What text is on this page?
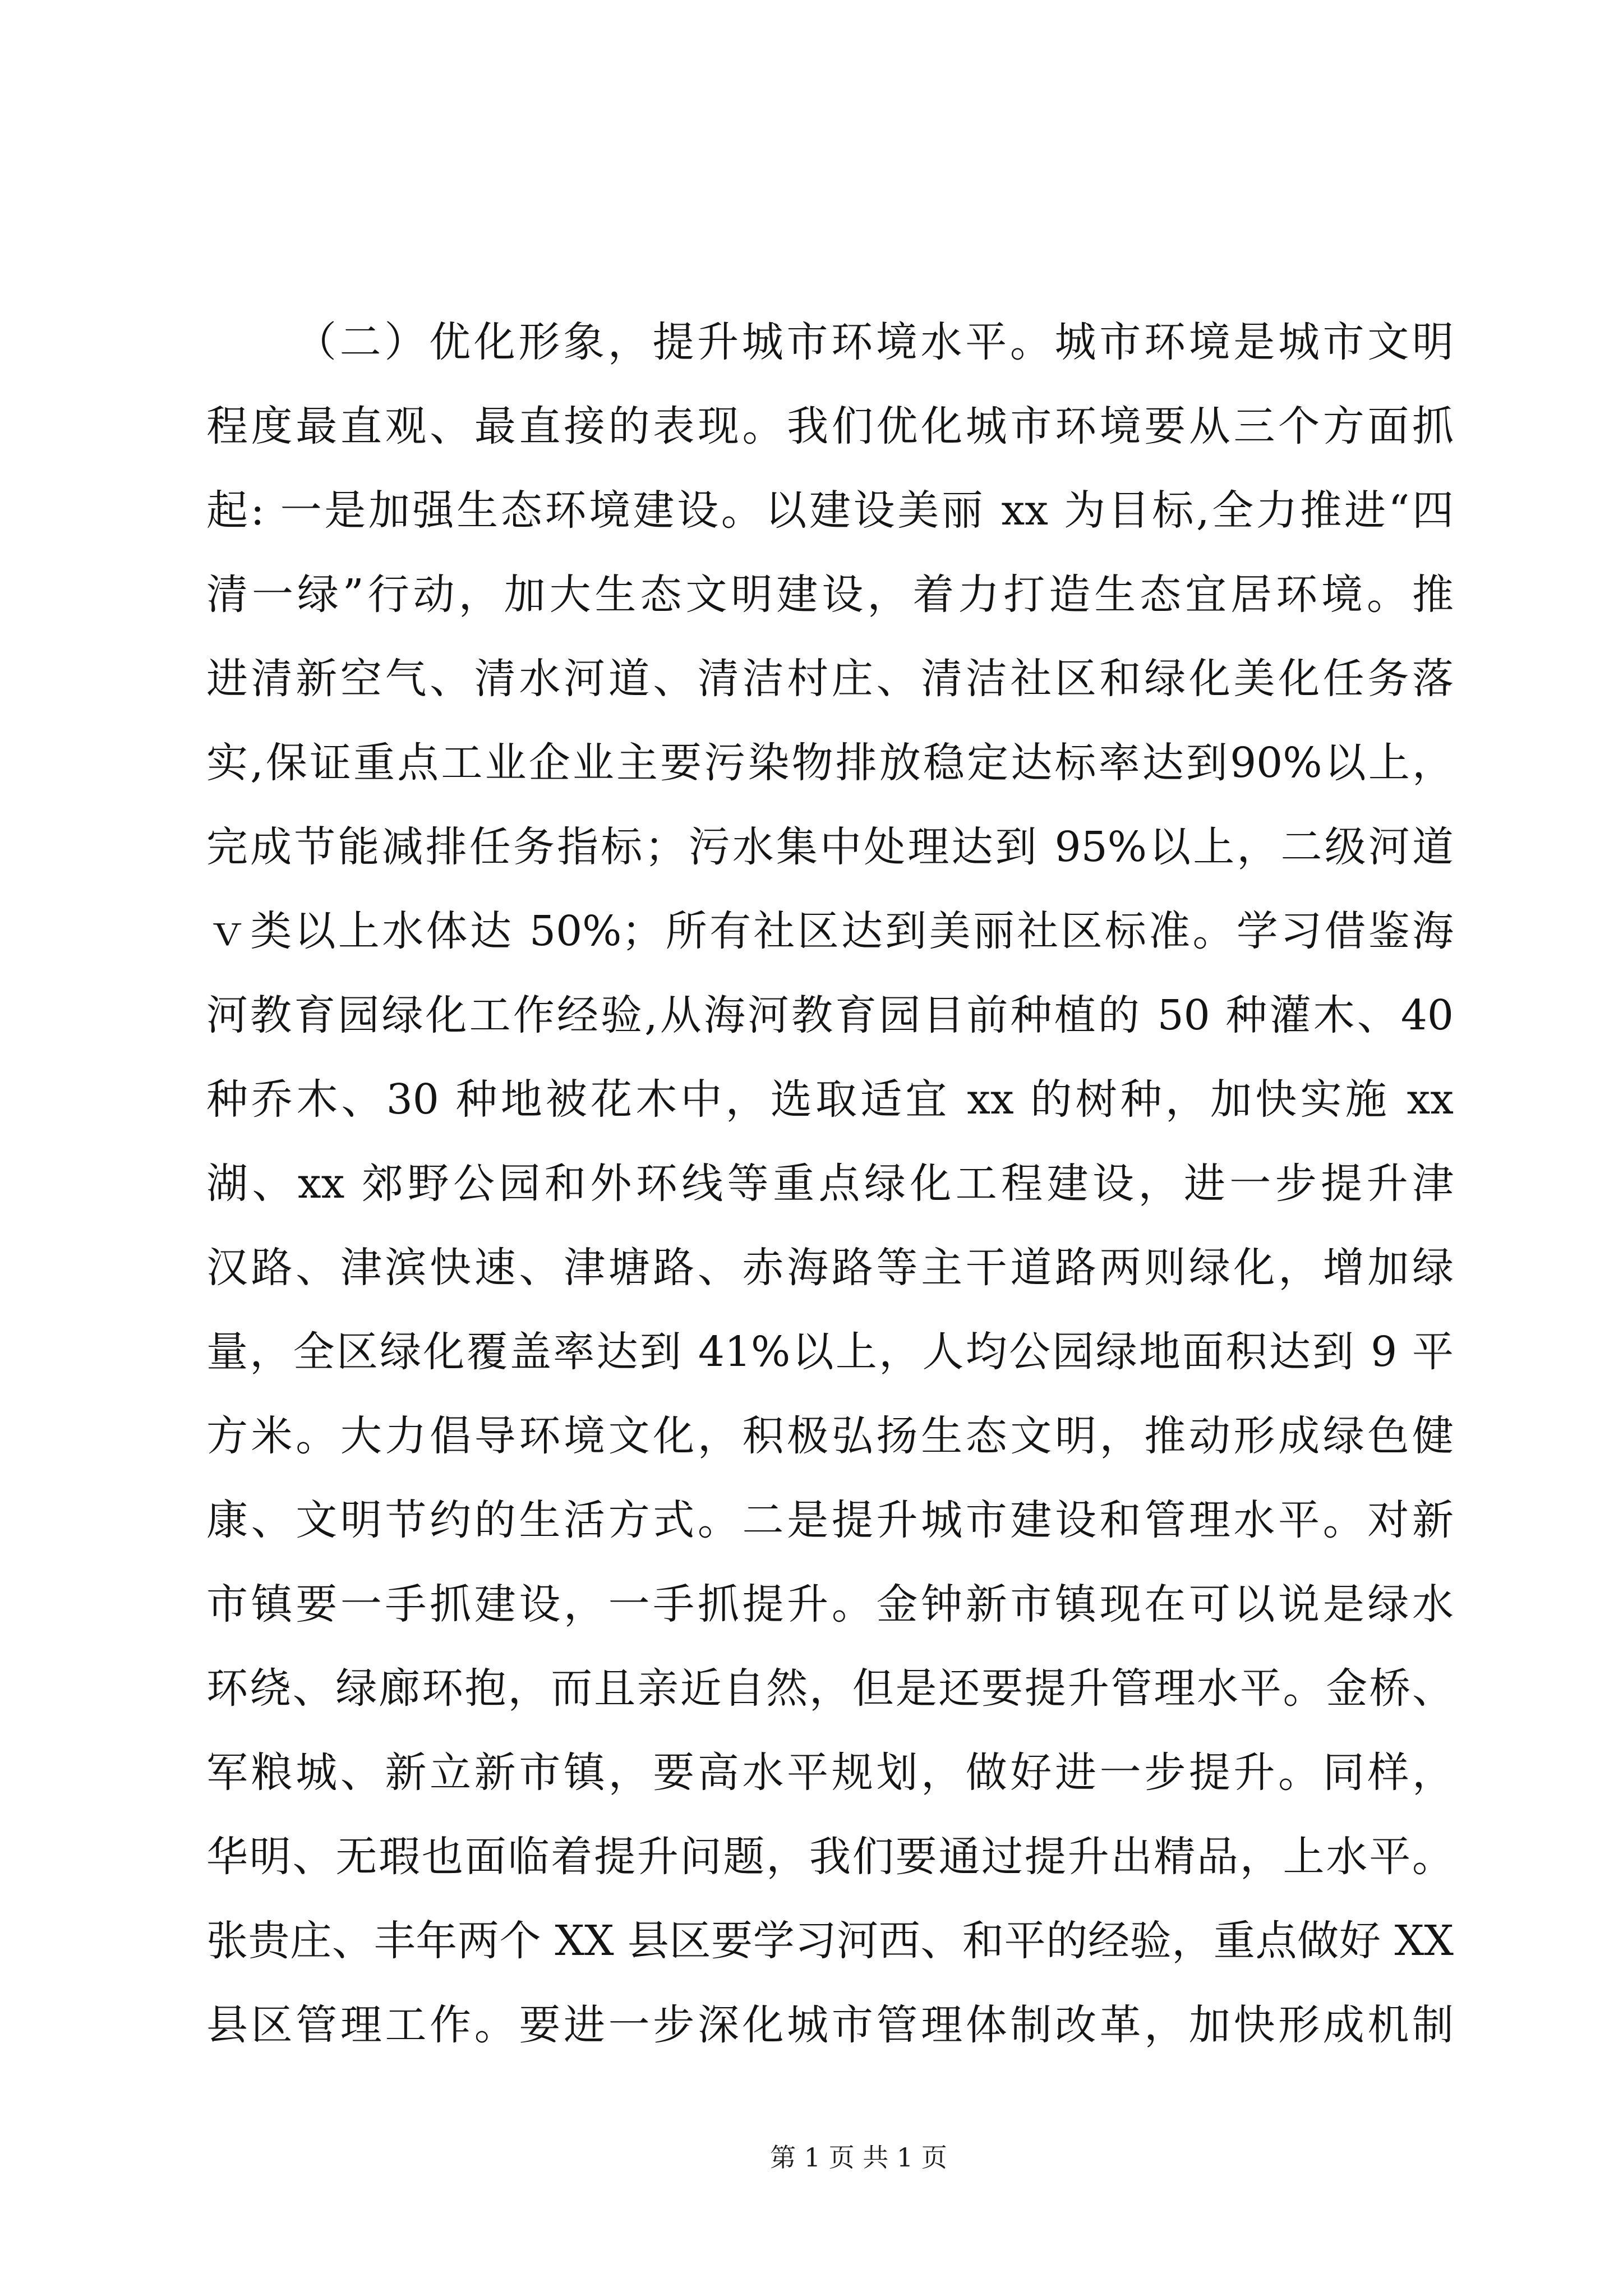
（二）优化形象，提升城市环境水平。城市环境是城市文明
程度最直观、最直接的表现。我们优化城市环境要从三个方面抓
起: 一是加强生态环境建设。以建设美丽 xx 为目标,全力推进“四
清一绿”行动，加大生态文明建设，着力打造生态宜居环境。推
进清新空气、清水河道、清洁村庄、清洁社区和绿化美化任务落
实,保证重点工业企业主要污染物排放稳定达标率达到90%以上，
完成节能减排任务指标；污水集中处理达到 95%以上，二级河道
ｖ类以上水体达 50%；所有社区达到美丽社区标准。学习借鉴海
河教育园绿化工作经验,从海河教育园目前种植的 50 种灌木、40
种乔木、30 种地被花木中，选取适宜 xx 的树种，加快实施 xx
湖、xx 郊野公园和外环线等重点绿化工程建设，进一步提升津
汉路、津滨快速、津塘路、赤海路等主干道路两则绿化，增加绿
量，全区绿化覆盖率达到 41%以上，人均公园绿地面积达到 9 平
方米。大力倡导环境文化，积极弘扬生态文明，推动形成绿色健
康、文明节约的生活方式。二是提升城市建设和管理水平。对新
市镇要一手抓建设，一手抓提升。金钟新市镇现在可以说是绿水
环绕、绿廊环抱，而且亲近自然，但是还要提升管理水平。金桥、
军粮城、新立新市镇，要高水平规划，做好进一步提升。同样，
华明、无瑕也面临着提升问题，我们要通过提升出精品，上水平。
张贵庄、丰年两个 XX 县区要学习河西、和平的经验，重点做好 XX
县区管理工作。要进一步深化城市管理体制改革，加快形成机制
第 1 页 共 1 页
